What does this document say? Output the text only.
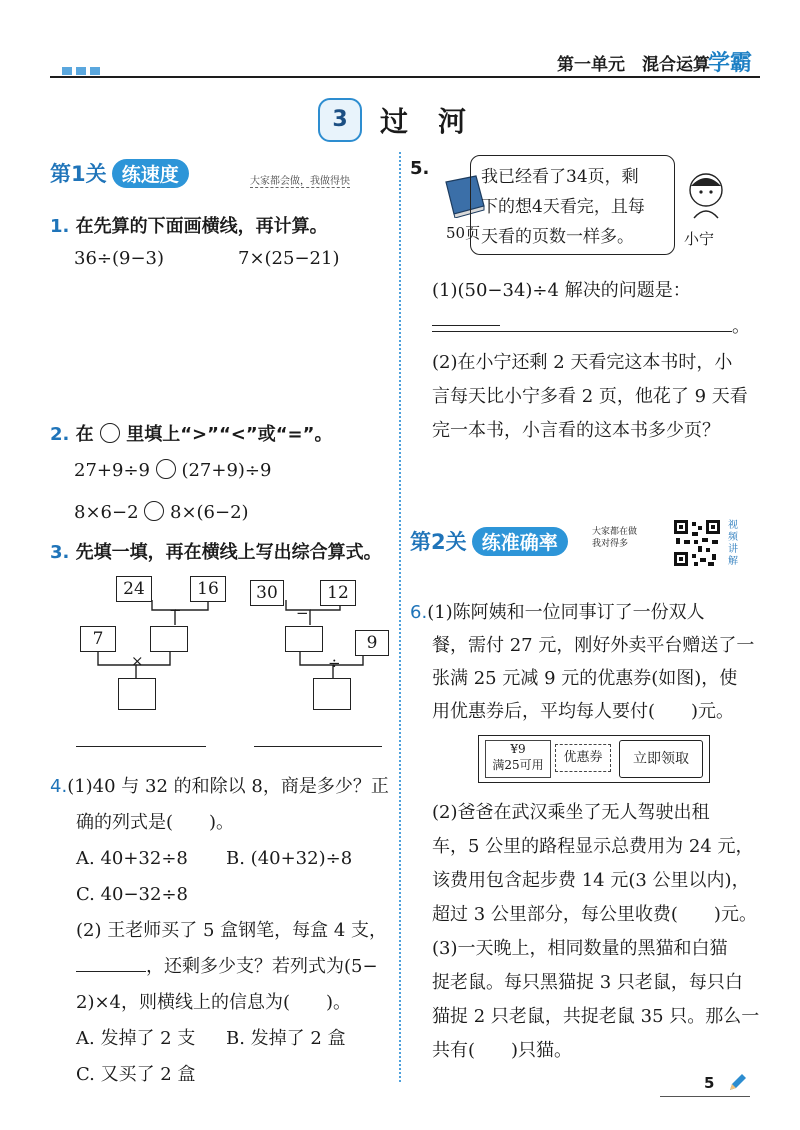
第一单元　混合运算
学霸
3	过河
第1关 练速度	大家都会做，我做得快
1. 在先算的下面画横线，再计算。
36÷(9−3)	7×(25−21)
2. 在 里填上“>”“<”或“=”。
27+9÷9 (27+9)÷9
8×6−2 8×(6−2)
3. 先填一填，再在横线上写出综合算式。
24	16
−
7
×
30	12
−
9
÷
4.(1)40 与 32 的和除以 8，商是多少？正
确的列式是( )。
A. 40+32÷8 B. (40+32)÷8
C. 40−32÷8
(2) 王老师买了 5 盒钢笔，每盒 4 支，
，还剩多少支？若列式为(5−
2)×4，则横线上的信息为( )。
A. 发掉了 2 支 B. 发掉了 2 盒
C. 又买了 2 盒
5.
50页
我已经看了34页，剩
下的想4天看完，且每
天看的页数一样多。	小宁
(1)(50−34)÷4 解决的问题是：
。
(2)在小宁还剩 2 天看完这本书时，小
言每天比小宁多看 2 页，他花了 9 天看
完一本书，小言看的这本书多少页？
第2关 练准确率	大家都在做
我对得多
视频讲解
6.(1)陈阿姨和一位同事订了一份双人
餐，需付 27 元，刚好外卖平台赠送了一
张满 25 元减 9 元的优惠券(如图)，使
用优惠券后，平均每人要付( )元。
¥9
满25可用	优惠券	立即领取
(2)爸爸在武汉乘坐了无人驾驶出租
车，5 公里的路程显示总费用为 24 元，
该费用包含起步费 14 元(3 公里以内)，
超过 3 公里部分，每公里收费( )元。
(3)一天晚上，相同数量的黑猫和白猫
捉老鼠。每只黑猫捉 3 只老鼠，每只白
猫捉 2 只老鼠，共捉老鼠 35 只。那么一
共有( )只猫。
5
